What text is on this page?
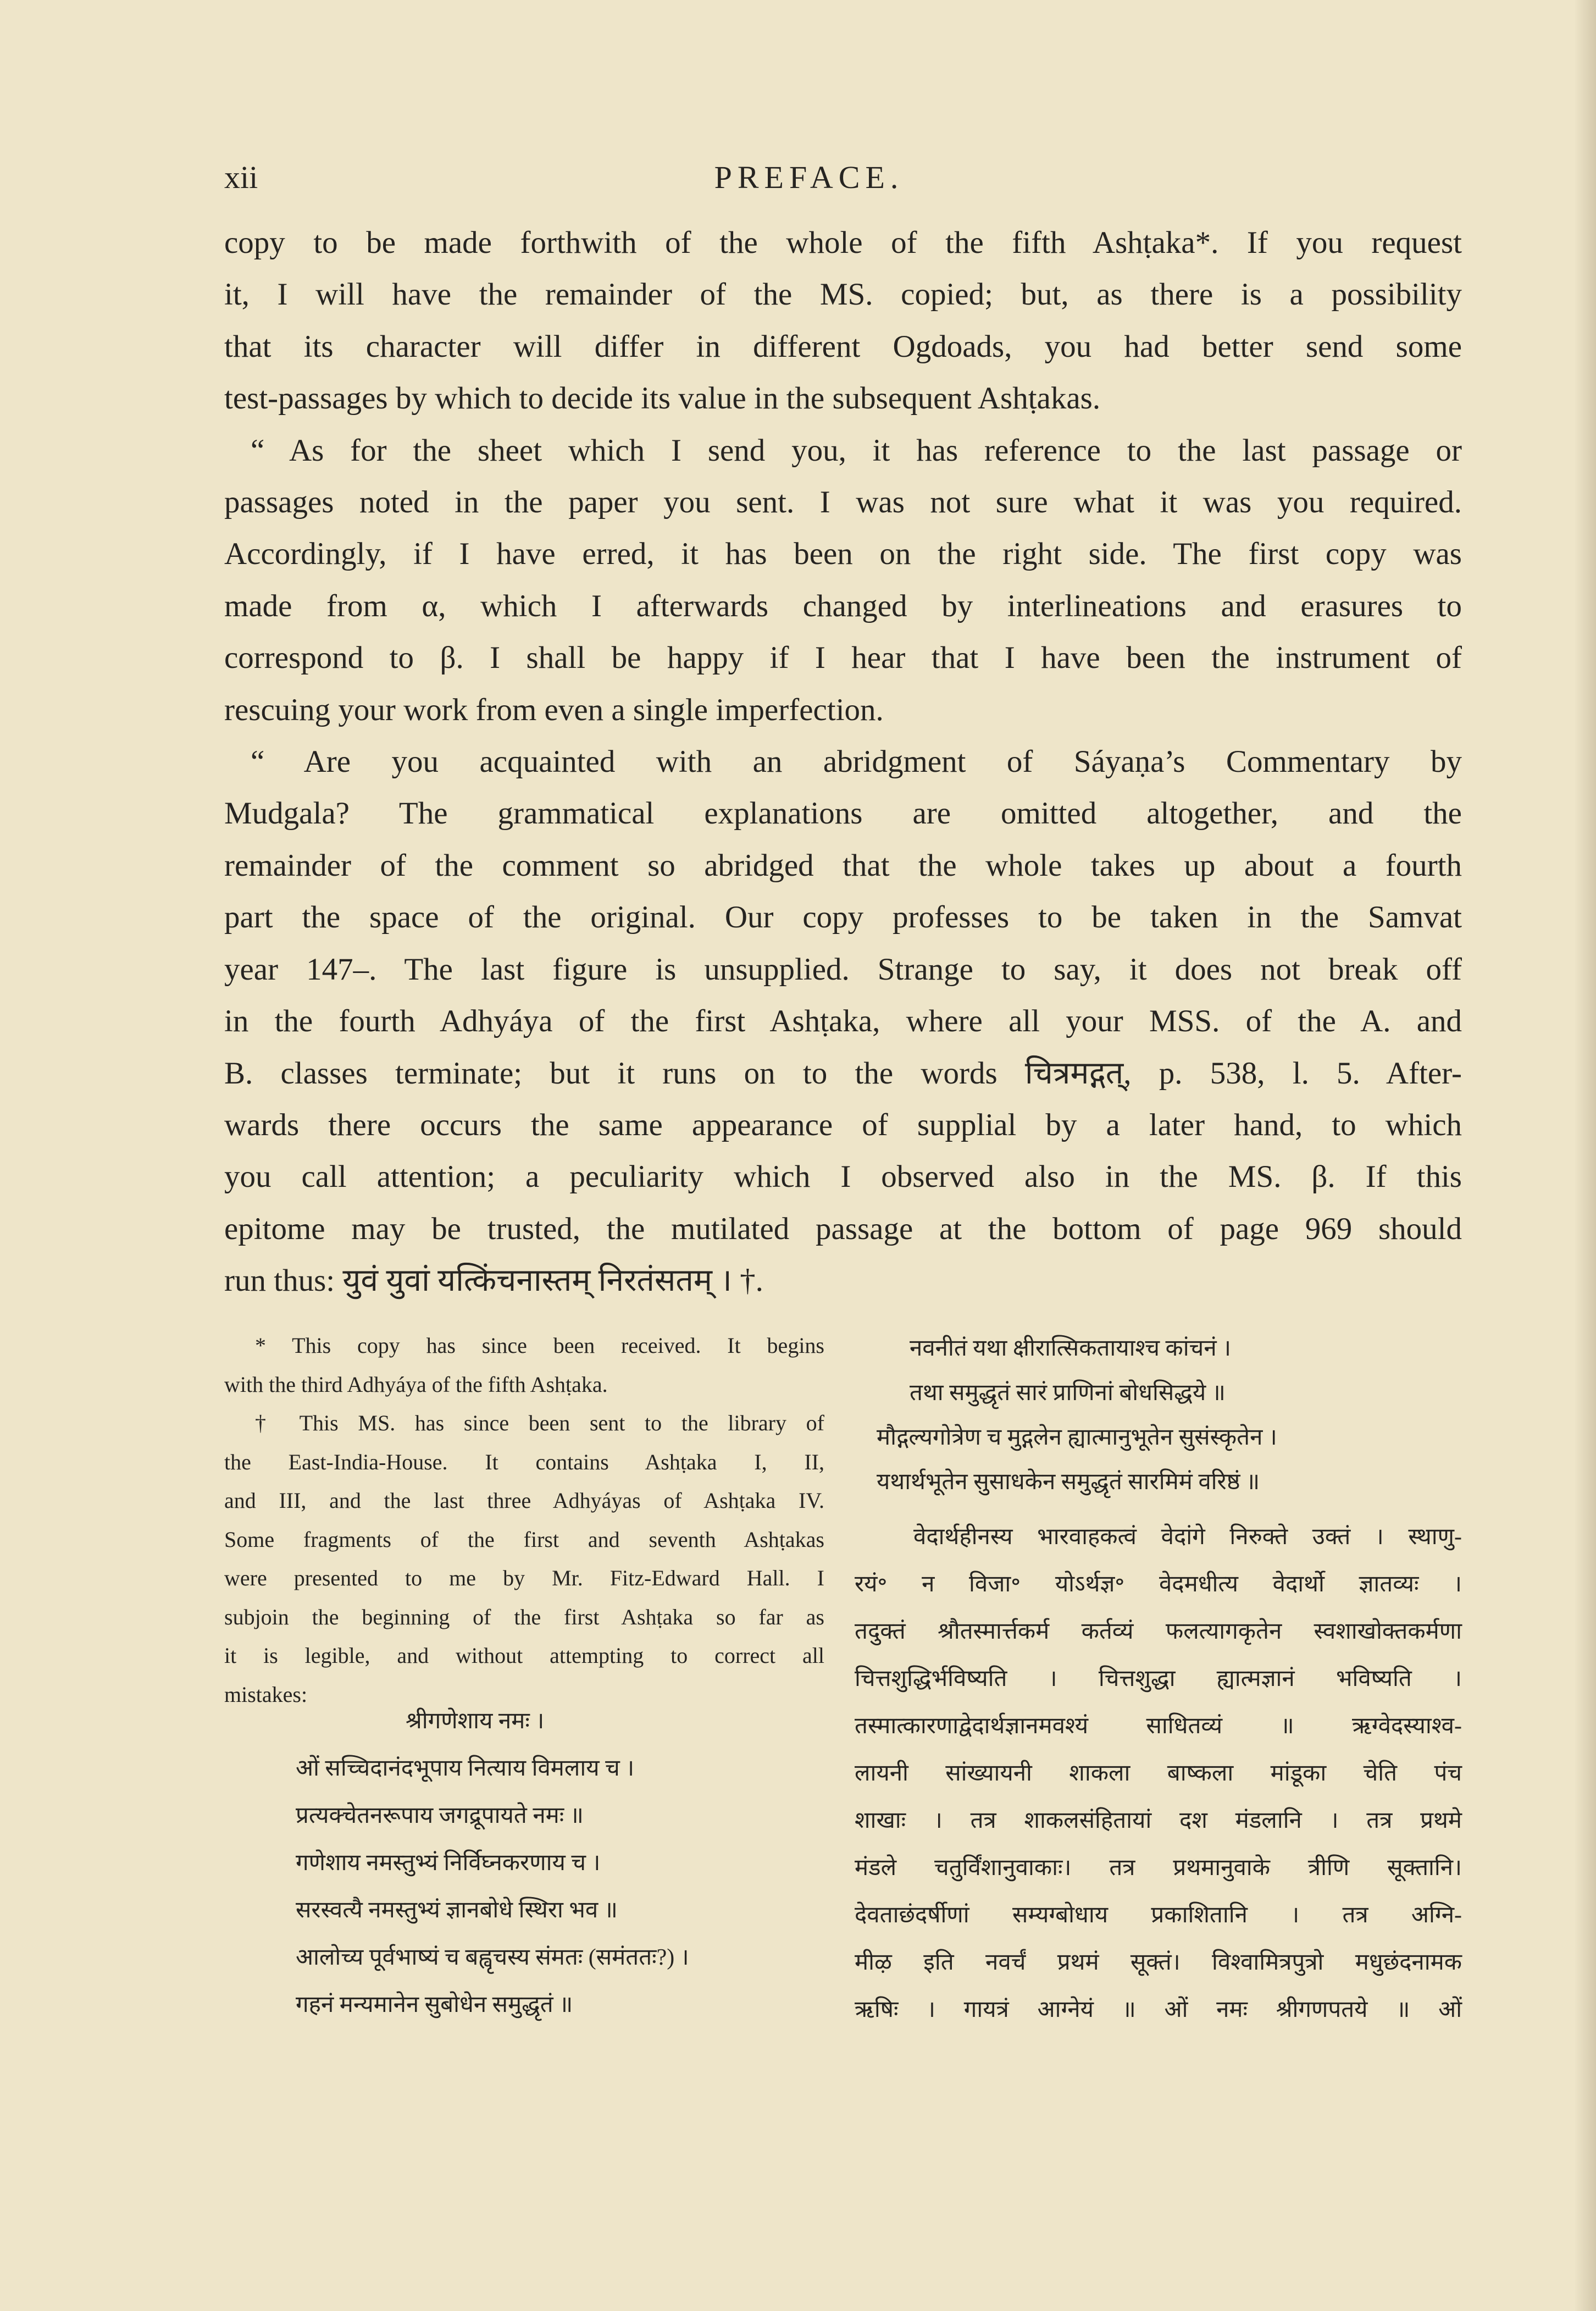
xii	PREFACE.
copy to be made forthwith of the whole of the fifth Ashṭaka*. If you request
it, I will have the remainder of the MS. copied; but, as there is a possibility
that its character will differ in different Ogdoads, you had better send some
test-passages by which to decide its value in the subsequent Ashṭakas.
“ As for the sheet which I send you, it has reference to the last passage or
passages noted in the paper you sent. I was not sure what it was you required.
Accordingly, if I have erred, it has been on the right side. The first copy was
made from α, which I afterwards changed by interlineations and erasures to
correspond to β. I shall be happy if I hear that I have been the instrument of
rescuing your work from even a single imperfection.
“ Are you acquainted with an abridgment of Sáyaṇa’s Commentary by
Mudgala? The grammatical explanations are omitted altogether, and the
remainder of the comment so abridged that the whole takes up about a fourth
part the space of the original. Our copy professes to be taken in the Samvat
year 147–. The last figure is unsupplied. Strange to say, it does not break off
in the fourth Adhyáya of the first Ashṭaka, where all your MSS. of the A. and
B. classes terminate; but it runs on to the words चित्रमद्गत्, p. 538, l. 5. After-
wards there occurs the same appearance of supplial by a later hand, to which
you call attention; a peculiarity which I observed also in the MS. β. If this
epitome may be trusted, the mutilated passage at the bottom of page 969 should
run thus: युवं युवां यत्किंचनास्तम् निरतंसतम् । †.
* This copy has since been received. It begins
with the third Adhyáya of the fifth Ashṭaka.
† This MS. has since been sent to the library of
the East-India-House. It contains Ashṭaka I, II,
and III, and the last three Adhyáyas of Ashṭaka IV.
Some fragments of the first and seventh Ashṭakas
were presented to me by Mr. Fitz-Edward Hall. I
subjoin the beginning of the first Ashṭaka so far as
it is legible, and without attempting to correct all
mistakes:
श्रीगणेशाय नमः ।
ओं सच्चिदानंदभूपाय नित्याय विमलाय च ।
प्रत्यक्चेतनरूपाय जगद्रूपायते नमः ॥
गणेशाय नमस्तुभ्यं निर्विघ्नकरणाय च ।
सरस्वत्यै नमस्तुभ्यं ज्ञानबोधे स्थिरा भव ॥
आलोच्य पूर्वभाष्यं च बह्वृचस्य संमतः (समंततः?) ।
गहनं मन्यमानेन सुबोधेन समुद्धृतं ॥
नवनीतं यथा क्षीरात्सिकतायाश्च कांचनं ।
तथा समुद्धृतं सारं प्राणिनां बोधसिद्धये ॥
मौद्गल्यगोत्रेण च मुद्गलेन ह्यात्मानुभूतेन सुसंस्कृतेन ।
यथार्थभूतेन सुसाधकेन समुद्धृतं सारमिमं वरिष्ठं ॥
वेदार्थहीनस्य भारवाहकत्वं वेदांगे निरुक्ते उक्तं । स्थाणु-
रयं॰ न विजा॰ योऽर्थज्ञ॰ वेदमधीत्य वेदार्थो ज्ञातव्यः ।
तदुक्तं श्रौतस्मार्त्तकर्म कर्तव्यं फलत्यागकृतेन स्वशाखोक्तकर्मणा
चित्तशुद्धिर्भविष्यति । चित्तशुद्धा ह्यात्मज्ञानं भविष्यति ।
तस्मात्कारणाद्वेदार्थज्ञानमवश्यं साधितव्यं ॥ ऋग्वेदस्याश्व-
लायनी सांख्यायनी शाकला बाष्कला मांडूका चेति पंच
शाखाः । तत्र शाकलसंहितायां दश मंडलानि । तत्र प्रथमे
मंडले चतुर्विंशानुवाकाः। तत्र प्रथमानुवाके त्रीणि सूक्तानि।
देवताछंदर्षीणां सम्यग्बोधाय प्रकाशितानि । तत्र अग्नि-
मीऴ इति नवर्चं प्रथमं सूक्तं। विश्वामित्रपुत्रो मधुछंदनामक
ऋषिः । गायत्रं आग्नेयं ॥ ओं नमः श्रीगणपतये ॥ ओं
